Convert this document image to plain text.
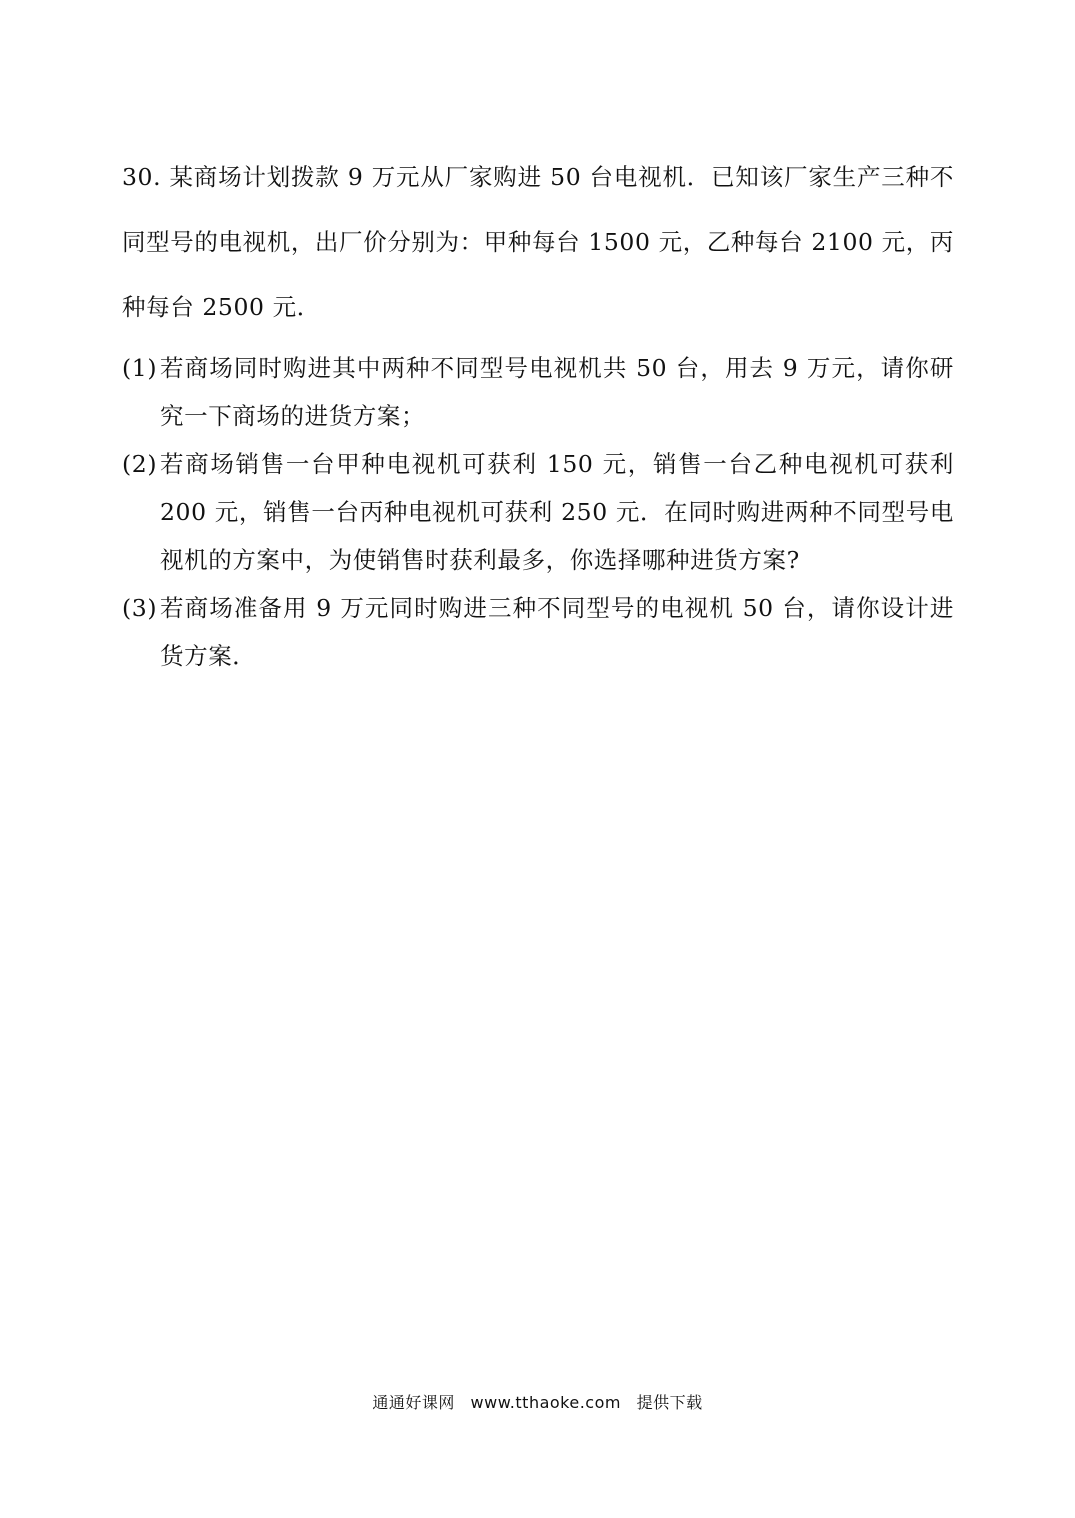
30. 某商场计划拨款 9 万元从厂家购进 50 台电视机．已知该厂家生产三种不同型号的电视机，出厂价分别为：甲种每台 1500 元，乙种每台 2100 元，丙种每台 2500 元．

(1) 若商场同时购进其中两种不同型号电视机共 50 台，用去 9 万元，请你研究一下商场的进货方案；
(2) 若商场销售一台甲种电视机可获利 150 元，销售一台乙种电视机可获利 200 元，销售一台丙种电视机可获利 250 元．在同时购进两种不同型号电视机的方案中，为使销售时获利最多，你选择哪种进货方案?
(3) 若商场准备用 9 万元同时购进三种不同型号的电视机 50 台，请你设计进货方案．
通通好课网 www.tthaoke.com 提供下载
